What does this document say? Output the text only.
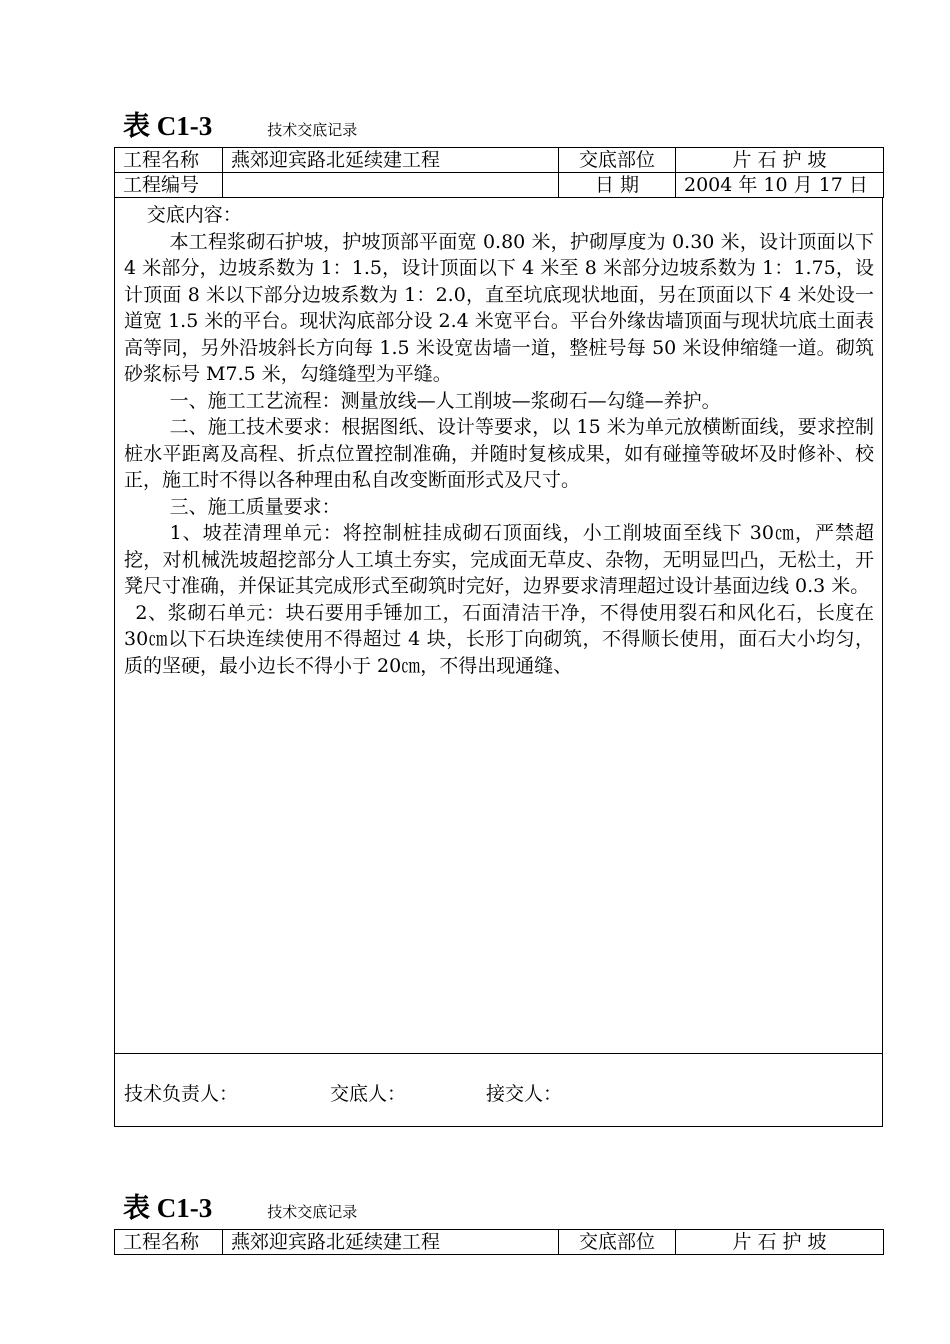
表 C1-3	技术交底记录
工程名称	燕郊迎宾路北延续建工程	交底部位	片 石 护 坡
工程编号		日 期	2004 年 10 月 17 日

交底内容：

本工程浆砌石护坡，护坡顶部平面宽 0.80 米，护砌厚度为 0.30 米，设计顶面以下 4 米部分，边坡系数为 1：1.5，设计顶面以下 4 米至 8 米部分边坡系数为 1：1.75，设计顶面 8 米以下部分边坡系数为 1：2.0，直至坑底现状地面，另在顶面以下 4 米处设一道宽 1.5 米的平台。现状沟底部分设 2.4 米宽平台。平台外缘齿墙顶面与现状坑底土面表高等同，另外沿坡斜长方向每 1.5 米设宽齿墙一道，整桩号每 50 米设伸缩缝一道。砌筑砂浆标号 M7.5 米，勾缝缝型为平缝。

一、施工工艺流程：测量放线—人工削坡—浆砌石—勾缝—养护。

二、施工技术要求：根据图纸、设计等要求，以 15 米为单元放横断面线，要求控制桩水平距离及高程、折点位置控制准确，并随时复核成果，如有碰撞等破坏及时修补、校正，施工时不得以各种理由私自改变断面形式及尺寸。

三、施工质量要求：

1、坡茬清理单元：将控制桩挂成砌石顶面线，小工削坡面至线下 30㎝，严禁超挖，对机械洗坡超挖部分人工填土夯实，完成面无草皮、杂物，无明显凹凸，无松土，开凳尺寸准确，并保证其完成形式至砌筑时完好，边界要求清理超过设计基面边线 0.3 米。

2、浆砌石单元：块石要用手锤加工，石面清洁干净，不得使用裂石和风化石，长度在 30㎝以下石块连续使用不得超过 4 块，长形丁向砌筑，不得顺长使用，面石大小均匀，质的坚硬，最小边长不得小于 20㎝，不得出现通缝、

技术负责人：	交底人：	接交人：
表 C1-3	技术交底记录
工程名称	燕郊迎宾路北延续建工程	交底部位	片 石 护 坡
